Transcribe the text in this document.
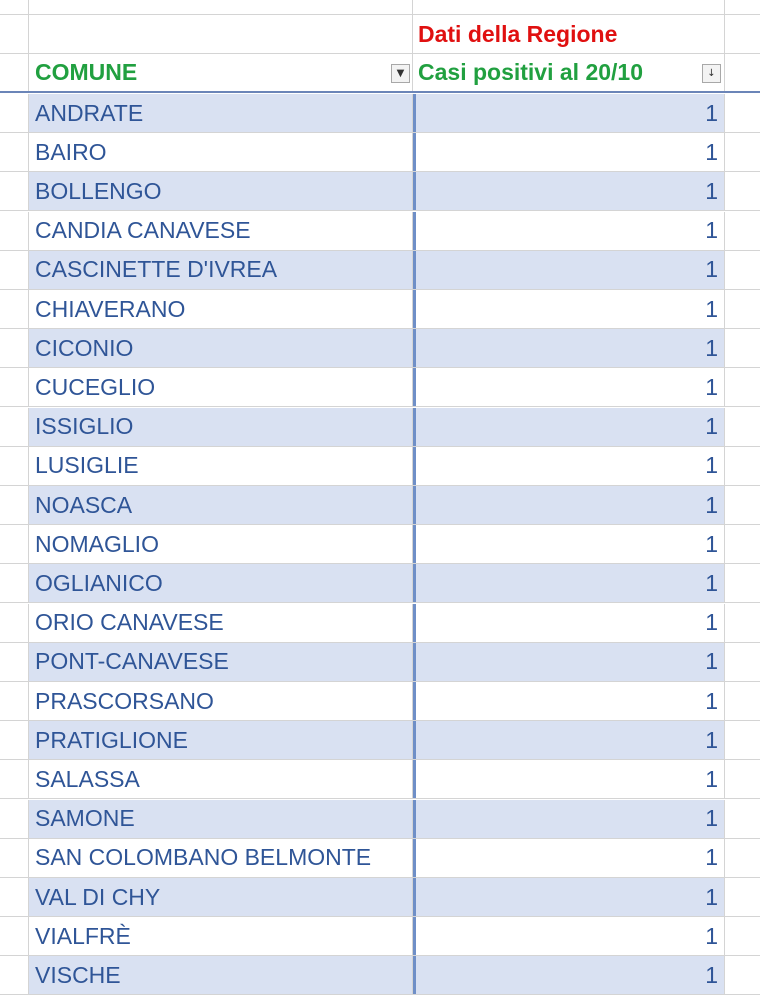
Dati della Regione
COMUNE	▼ Casi positivi al 20/10	↓
ANDRATE	1
BAIRO	1
BOLLENGO	1
CANDIA CANAVESE	1
CASCINETTE D'IVREA	1
CHIAVERANO	1
CICONIO	1
CUCEGLIO	1
ISSIGLIO	1
LUSIGLIE	1
NOASCA	1
NOMAGLIO	1
OGLIANICO	1
ORIO CANAVESE	1
PONT-CANAVESE	1
PRASCORSANO	1
PRATIGLIONE	1
SALASSA	1
SAMONE	1
SAN COLOMBANO BELMONTE	1
VAL DI CHY	1
VIALFRÈ	1
VISCHE	1
